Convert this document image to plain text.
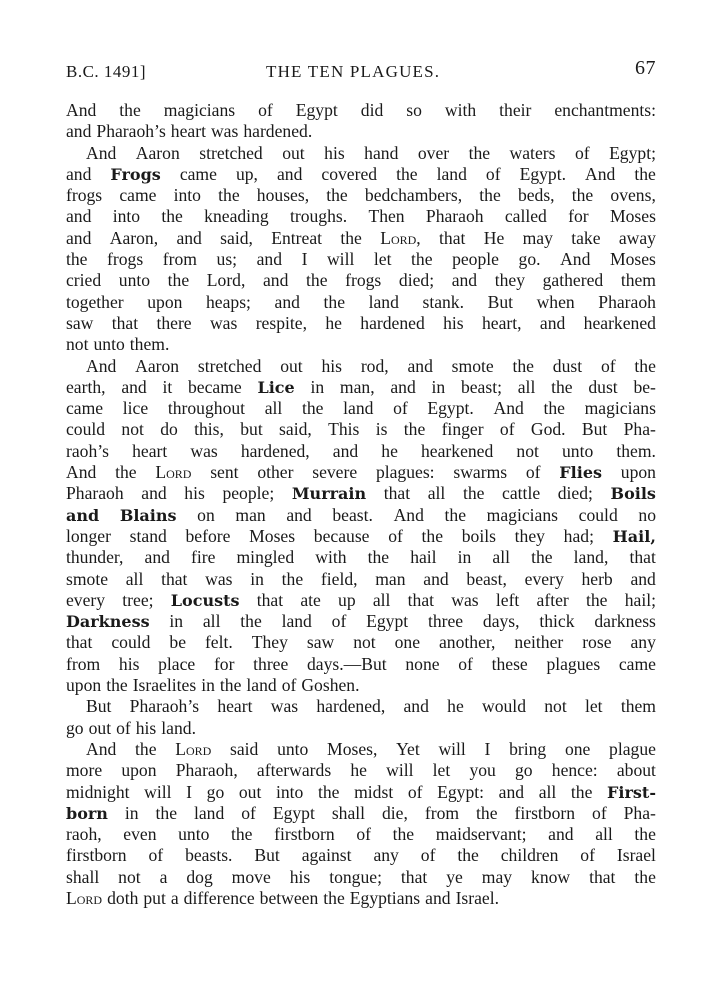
B.C. 1491]	THE TEN PLAGUES.	67
And the magicians of Egypt did so with their enchantments:
and Pharaoh’s heart was hardened.
And Aaron stretched out his hand over the waters of Egypt;
and Frogs came up, and covered the land of Egypt. And the
frogs came into the houses, the bedchambers, the beds, the ovens,
and into the kneading troughs. Then Pharaoh called for Moses
and Aaron, and said, Entreat the Lord, that He may take away
the frogs from us; and I will let the people go. And Moses
cried unto the Lord, and the frogs died; and they gathered them
together upon heaps; and the land stank. But when Pharaoh
saw that there was respite, he hardened his heart, and hearkened
not unto them.
And Aaron stretched out his rod, and smote the dust of the
earth, and it became Lice in man, and in beast; all the dust be-
came lice throughout all the land of Egypt. And the magicians
could not do this, but said, This is the finger of God. But Pha-
raoh’s heart was hardened, and he hearkened not unto them.
And the Lord sent other severe plagues: swarms of Flies upon
Pharaoh and his people; Murrain that all the cattle died; Boils
and Blains on man and beast. And the magicians could no
longer stand before Moses because of the boils they had; Hail,
thunder, and fire mingled with the hail in all the land, that
smote all that was in the field, man and beast, every herb and
every tree; Locusts that ate up all that was left after the hail;
Darkness in all the land of Egypt three days, thick darkness
that could be felt. They saw not one another, neither rose any
from his place for three days.—But none of these plagues came
upon the Israelites in the land of Goshen.
But Pharaoh’s heart was hardened, and he would not let them
go out of his land.
And the Lord said unto Moses, Yet will I bring one plague
more upon Pharaoh, afterwards he will let you go hence: about
midnight will I go out into the midst of Egypt: and all the First-
born in the land of Egypt shall die, from the firstborn of Pha-
raoh, even unto the firstborn of the maidservant; and all the
firstborn of beasts. But against any of the children of Israel
shall not a dog move his tongue; that ye may know that the
Lord doth put a difference between the Egyptians and Israel.
